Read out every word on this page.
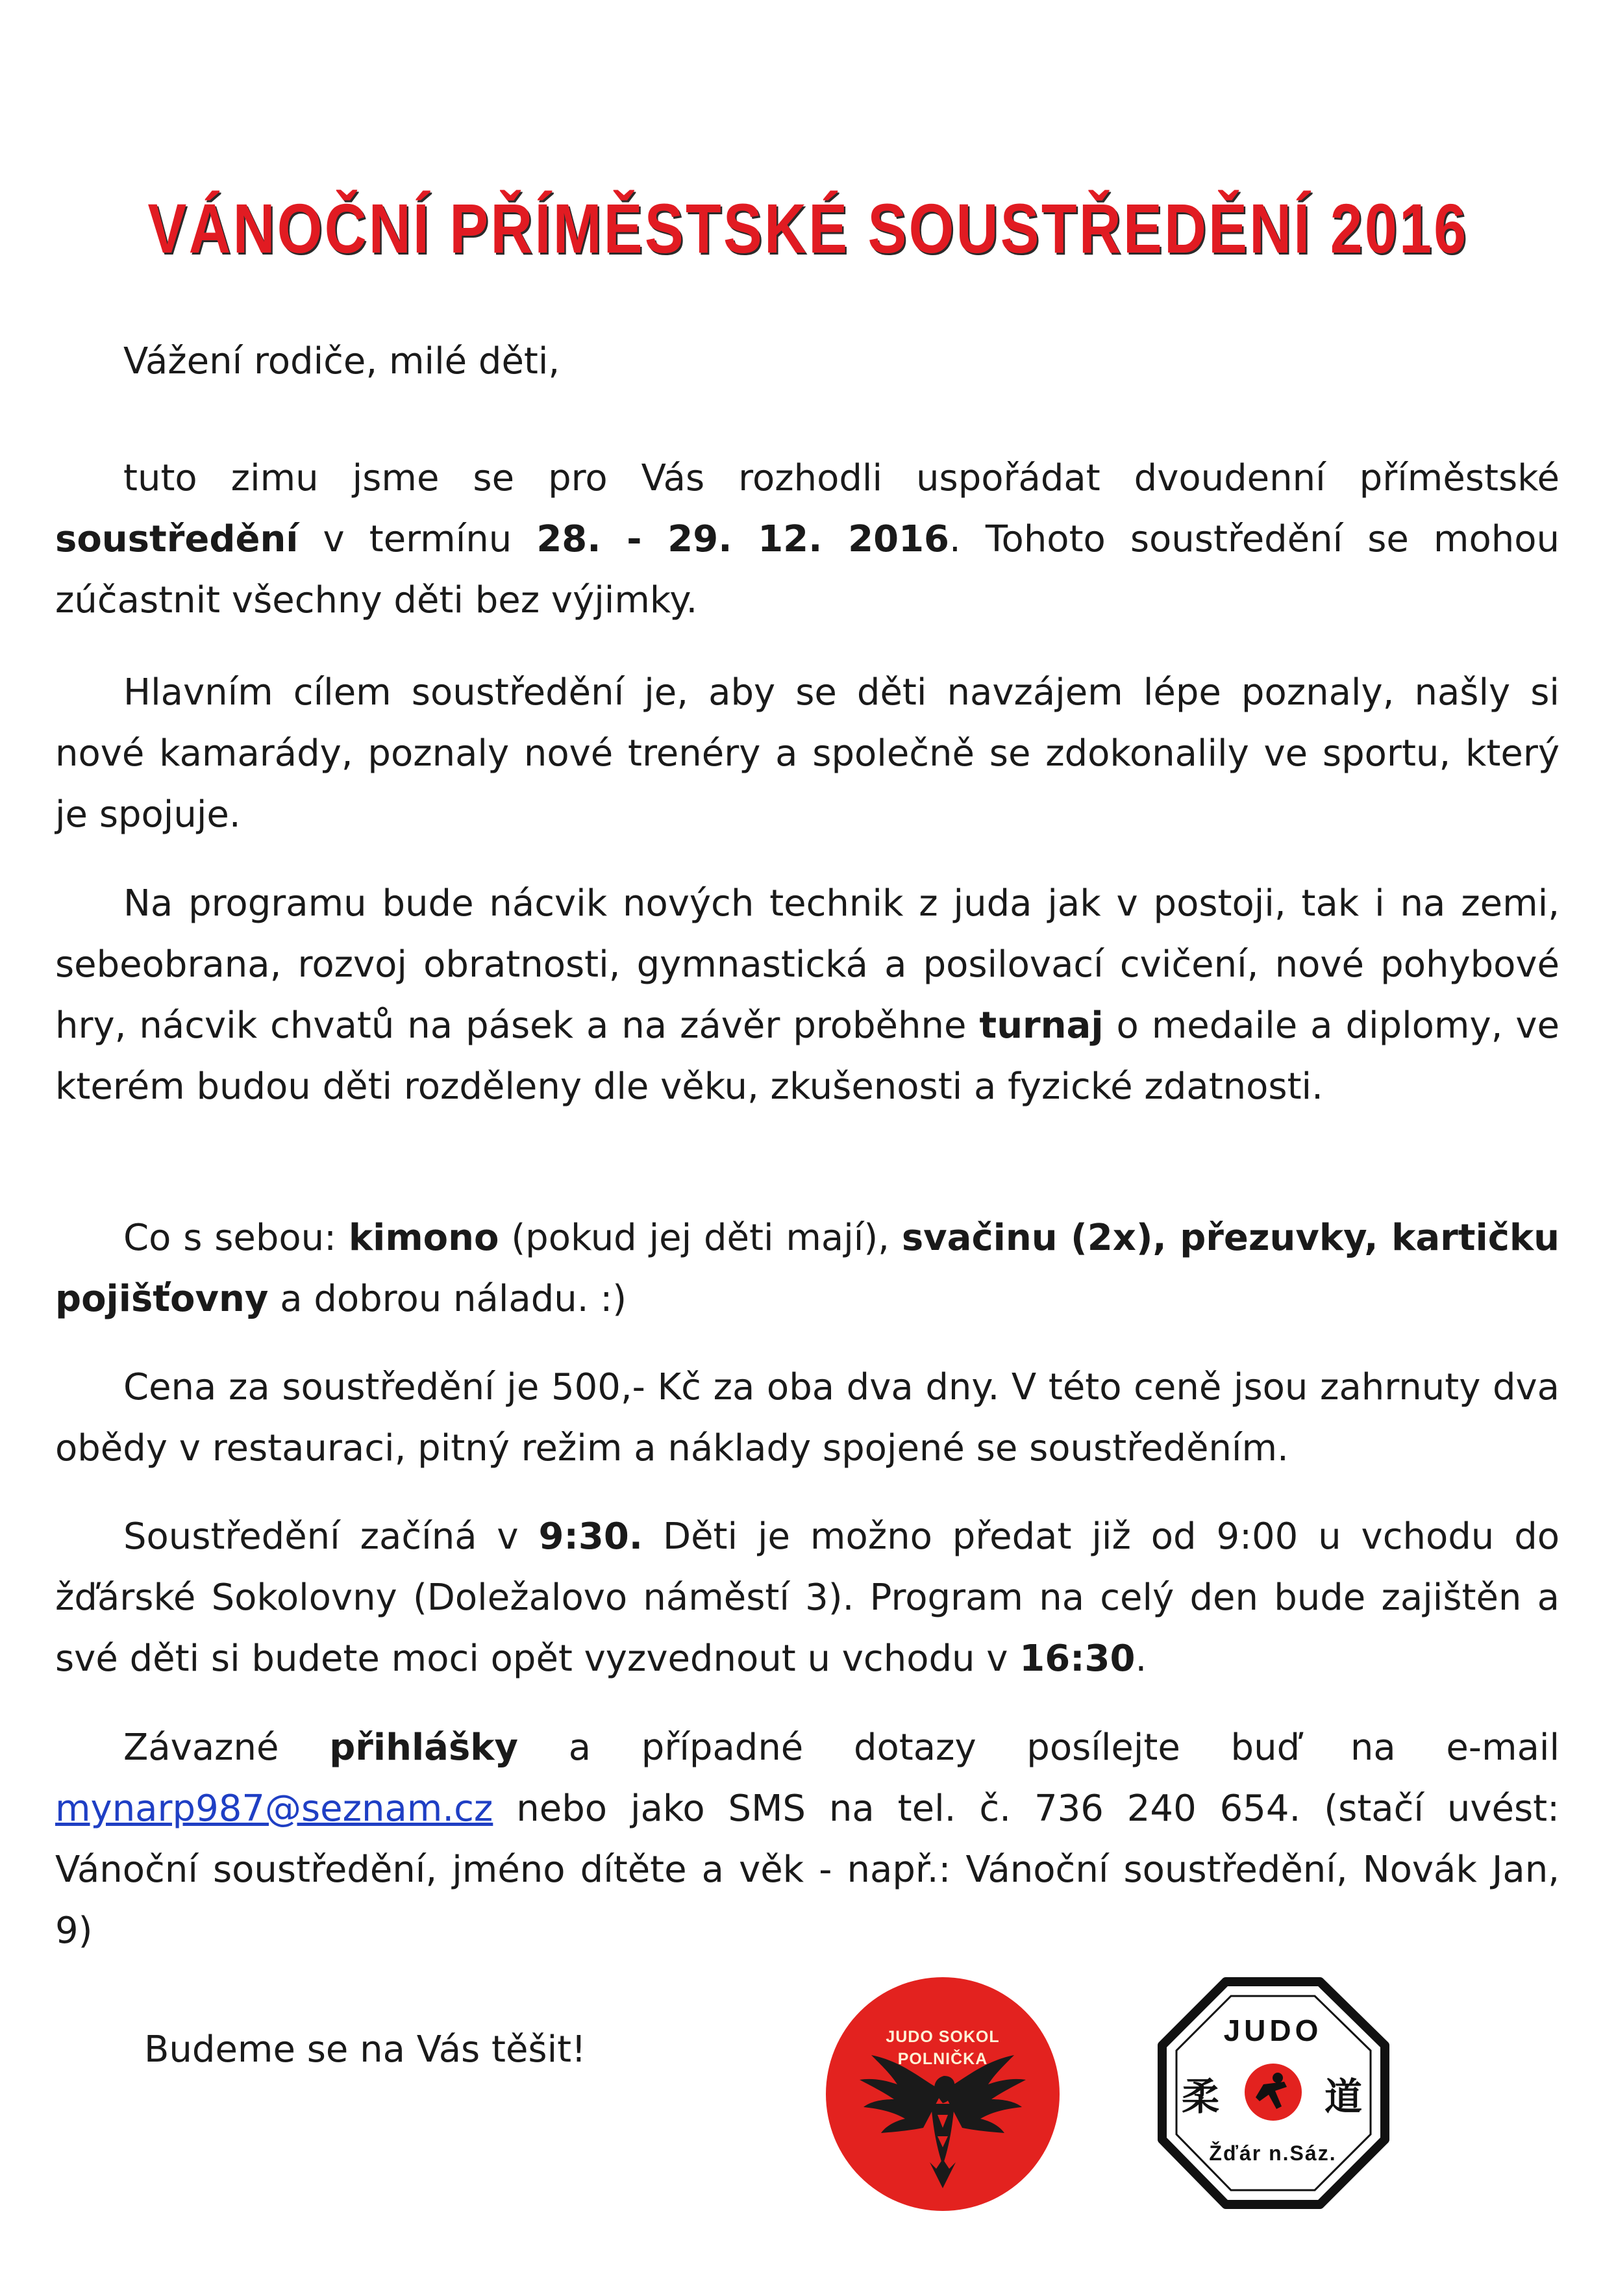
VÁNOČNÍ PŘÍMĚSTSKÉ SOUSTŘEDĚNÍ 2016

Vážení rodiče, milé děti,

tuto zimu jsme se pro Vás rozhodli uspořádat dvoudenní příměstské soustředění v termínu 28. - 29. 12. 2016. Tohoto soustředění se mohou zúčastnit všechny děti bez výjimky.

Hlavním cílem soustředění je, aby se děti navzájem lépe poznaly, našly si nové kamarády, poznaly nové trenéry a společně se zdokonalily ve sportu, který je spojuje.

Na programu bude nácvik nových technik z juda jak v postoji, tak i na zemi, sebeobrana, rozvoj obratnosti, gymnastická a posilovací cvičení, nové pohybové hry, nácvik chvatů na pásek a na závěr proběhne turnaj o medaile a diplomy, ve kterém budou děti rozděleny dle věku, zkušenosti a fyzické zdatnosti.

Co s sebou: kimono (pokud jej děti mají), svačinu (2x), přezuvky, kartičku pojišťovny a dobrou náladu. :)

Cena za soustředění je 500,- Kč za oba dva dny. V této ceně jsou zahrnuty dva obědy v restauraci, pitný režim a náklady spojené se soustředěním.

Soustředění začíná v 9:30. Děti je možno předat již od 9:00 u vchodu do žďárské Sokolovny (Doležalovo náměstí 3). Program na celý den bude zajištěn a své děti si budete moci opět vyzvednout u vchodu v 16:30.

Závazné přihlášky a případné dotazy posílejte buď na e-mail mynarp987@seznam.cz nebo jako SMS na tel. č. 736 240 654. (stačí uvést: Vánoční soustředění, jméno dítěte a věk - např.: Vánoční soustředění, Novák Jan, 9)

Budeme se na Vás těšit!	JUDO SOKOL
POLNIČKA
JUDO
柔	道
Žďár n.Sáz.
